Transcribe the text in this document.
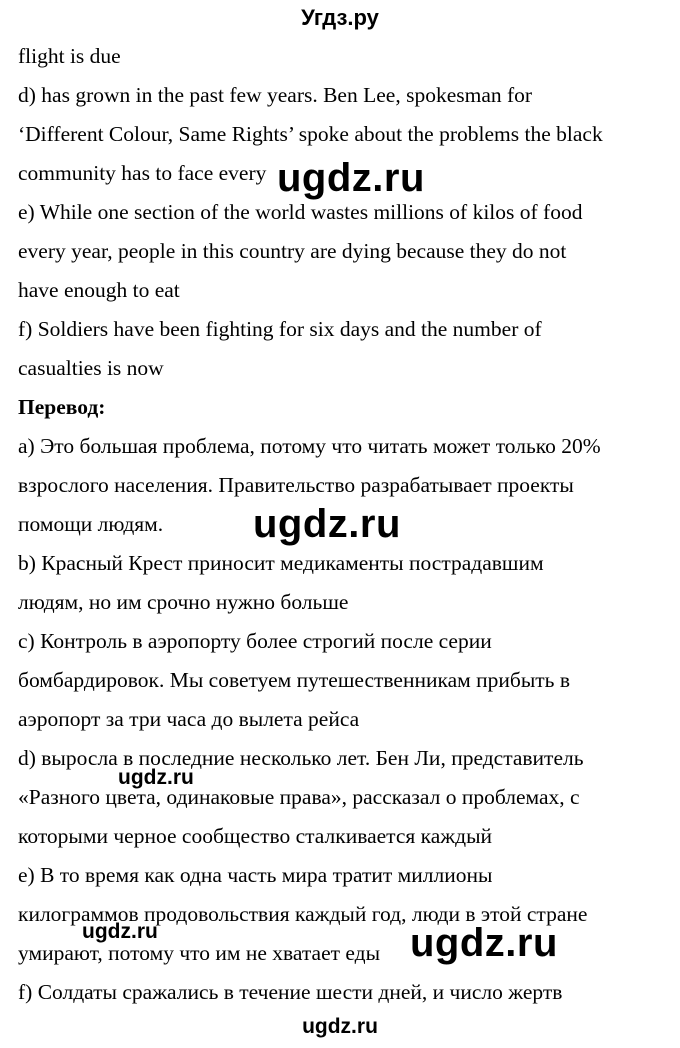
Угдз.ру
flight is due
d) has grown in the past few years. Ben Lee, spokesman for
‘Different Colour, Same Rights’ spoke about the problems the black
community has to face every
e) While one section of the world wastes millions of kilos of food
every year, people in this country are dying because they do not
have enough to eat
f) Soldiers have been fighting for six days and the number of
casualties is now
Перевод:
a) Это большая проблема, потому что читать может только 20%
взрослого населения. Правительство разрабатывает проекты
помощи людям.
b) Красный Крест приносит медикаменты пострадавшим
людям, но им срочно нужно больше
c) Контроль в аэропорту более строгий после серии
бомбардировок. Мы советуем путешественникам прибыть в
аэропорт за три часа до вылета рейса
d) выросла в последние несколько лет. Бен Ли, представитель
«Разного цвета, одинаковые права», рассказал о проблемах, с
которыми черное сообщество сталкивается каждый
e) В то время как одна часть мира тратит миллионы
килограммов продовольствия каждый год, люди в этой стране
умирают, потому что им не хватает еды
f) Солдаты сражались в течение шести дней, и число жертв
ugdz.ru
ugdz.ru
ugdz.ru
ugdz.ru	ugdz.ru
ugdz.ru
